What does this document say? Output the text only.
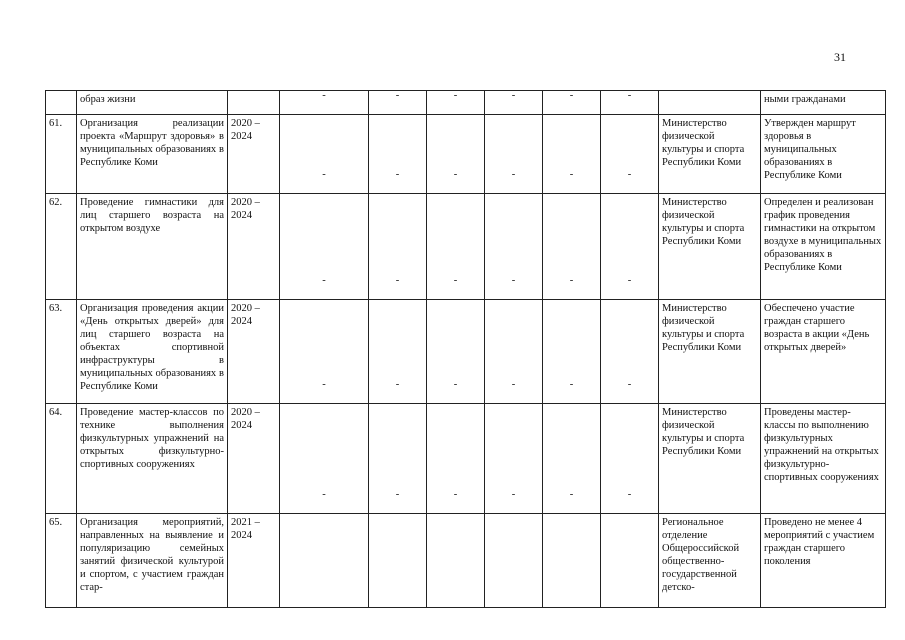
31
	образ жизни									ными гражданами
61.	Организация реализации проекта «Маршрут здоровья» в муниципальных образованиях в Республике Коми	2020 – 2024	-	-	-	-	-	-	Министерство физической культуры и спорта Республики Коми	Утвержден маршрут здоровья в муниципальных образованиях в Республике Коми
62.	Проведение гимнастики для лиц старшего возраста на открытом воздухе	2020 – 2024	-	-	-	-	-	-	Министерство физической культуры и спорта Республики Коми	Определен и реализован график проведения гимнастики на открытом воздухе в муниципальных образованиях в Республике Коми
63.	Организация проведения акции «День открытых дверей» для лиц старшего возраста на объектах спортивной инфраструктуры в муниципальных образованиях в Республике Коми	2020 – 2024	-	-	-	-	-	-	Министерство физической культуры и спорта Республики Коми	Обеспечено участие граждан старшего возраста в акции «День открытых дверей»
64.	Проведение мастер-классов по технике выполнения физкультурных упражнений на открытых физкультурно-спортивных сооружениях	2020 – 2024	-	-	-	-	-	-	Министерство физической культуры и спорта Республики Коми	Проведены мастер-классы по выполнению физкультурных упражнений на открытых физкультурно-спортивных сооружениях
65.	Организация мероприятий, направленных на выявление и популяризацию семейных занятий физической культурой и спортом, с участием граждан стар-	2021 – 2024	-	-	-	-	-	-	Региональное отделение Общероссийской общественно-государственной детско-	Проведено не менее 4 мероприятий с участием граждан старшего поколения
